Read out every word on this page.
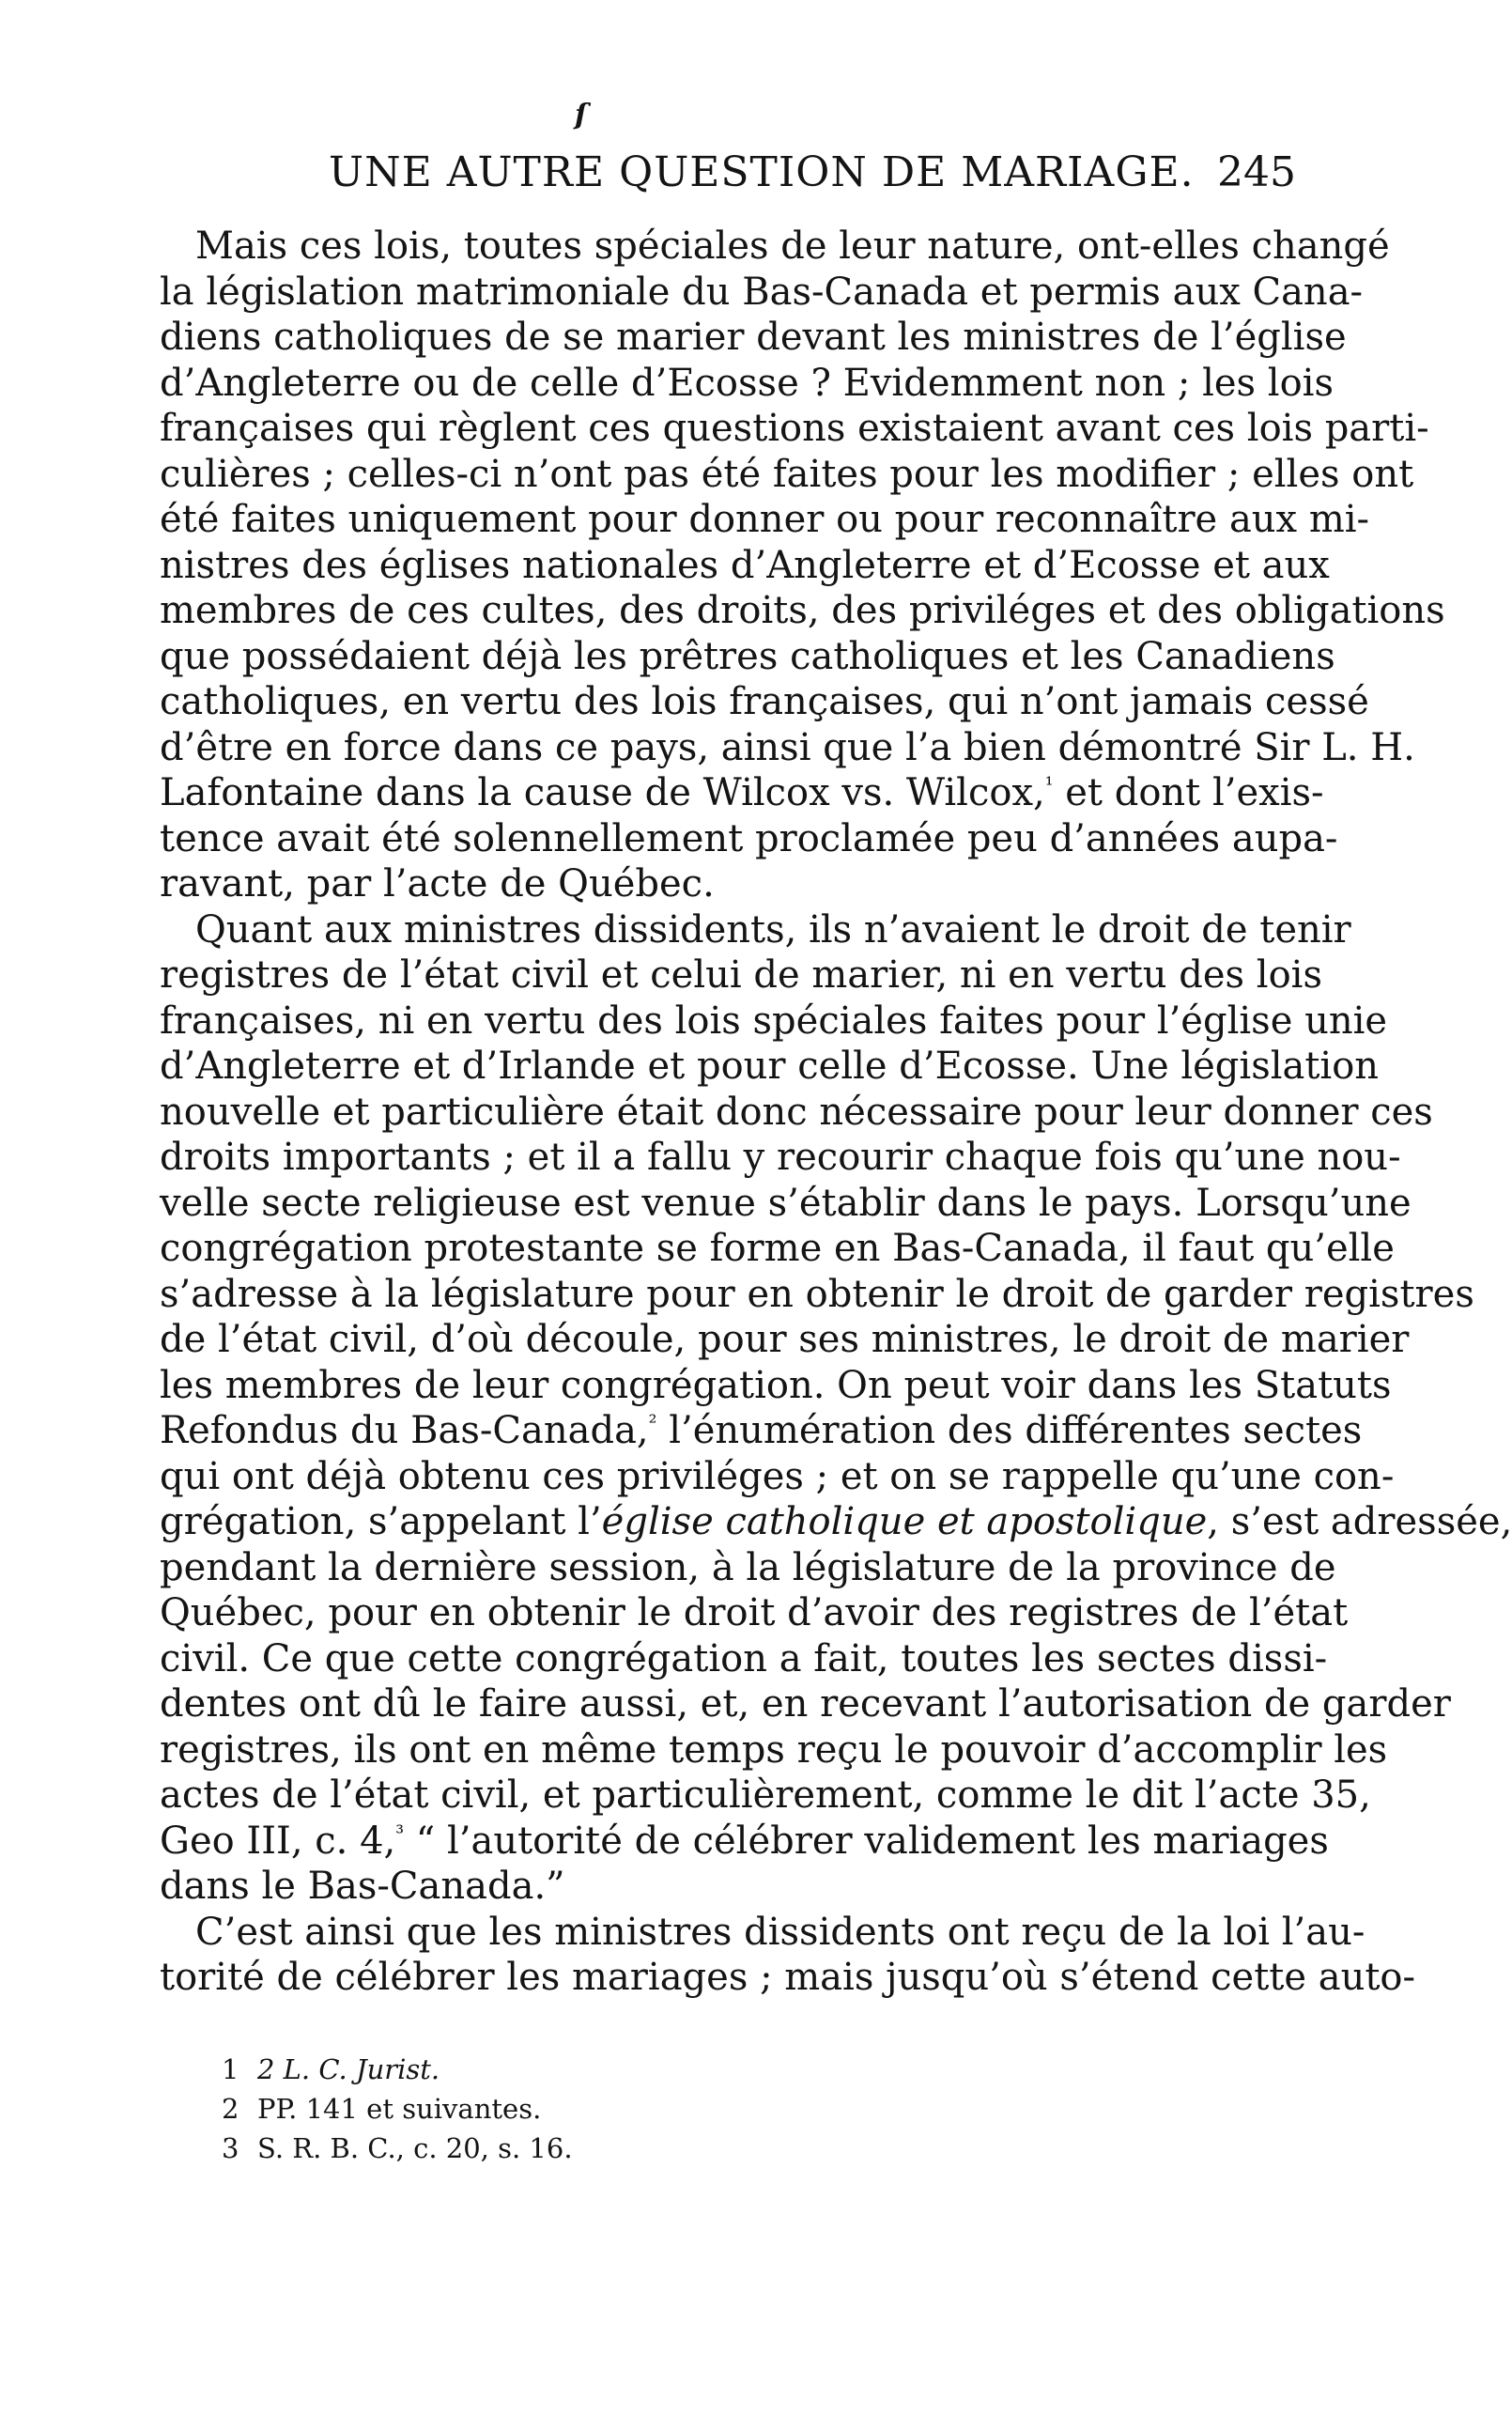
ſ
UNE AUTRE QUESTION DE MARIAGE. 245
Mais ces lois, toutes spéciales de leur nature, ont-elles changé
la législation matrimoniale du Bas-Canada et permis aux Cana-
diens catholiques de se marier devant les ministres de l’église
d’Angleterre ou de celle d’Ecosse ? Evidemment non ; les lois
françaises qui règlent ces questions existaient avant ces lois parti-
culières ; celles-ci n’ont pas été faites pour les modifier ; elles ont
été faites uniquement pour donner ou pour reconnaître aux mi-
nistres des églises nationales d’Angleterre et d’Ecosse et aux
membres de ces cultes, des droits, des priviléges et des obligations
que possédaient déjà les prêtres catholiques et les Canadiens
catholiques, en vertu des lois françaises, qui n’ont jamais cessé
d’être en force dans ce pays, ainsi que l’a bien démontré Sir L. H.
Lafontaine dans la cause de Wilcox vs. Wilcox,$^{^1}$ et dont l’exis-
tence avait été solennellement proclamée peu d’années aupa-
ravant, par l’acte de Québec.
Quant aux ministres dissidents, ils n’avaient le droit de tenir
registres de l’état civil et celui de marier, ni en vertu des lois
françaises, ni en vertu des lois spéciales faites pour l’église unie
d’Angleterre et d’Irlande et pour celle d’Ecosse. Une législation
nouvelle et particulière était donc nécessaire pour leur donner ces
droits importants ; et il a fallu y recourir chaque fois qu’une nou-
velle secte religieuse est venue s’établir dans le pays. Lorsqu’une
congrégation protestante se forme en Bas-Canada, il faut qu’elle
s’adresse à la législature pour en obtenir le droit de garder registres
de l’état civil, d’où découle, pour ses ministres, le droit de marier
les membres de leur congrégation. On peut voir dans les Statuts
Refondus du Bas-Canada,$^{^2}$ l’énumération des différentes sectes
qui ont déjà obtenu ces priviléges ; et on se rappelle qu’une con-
grégation, s’appelant l’église catholique et apostolique, s’est adressée,
pendant la dernière session, à la législature de la province de
Québec, pour en obtenir le droit d’avoir des registres de l’état
civil. Ce que cette congrégation a fait, toutes les sectes dissi-
dentes ont dû le faire aussi, et, en recevant l’autorisation de garder
registres, ils ont en même temps reçu le pouvoir d’accomplir les
actes de l’état civil, et particulièrement, comme le dit l’acte 35,
Geo III, c. 4,$^{^3}$ “ l’autorité de célébrer validement les mariages
dans le Bas-Canada.”
C’est ainsi que les ministres dissidents ont reçu de la loi l’au-
torité de célébrer les mariages ; mais jusqu’où s’étend cette auto-
1 2 L. C. Jurist.
2 PP. 141 et suivantes.
3 S. R. B. C., c. 20, s. 16.
